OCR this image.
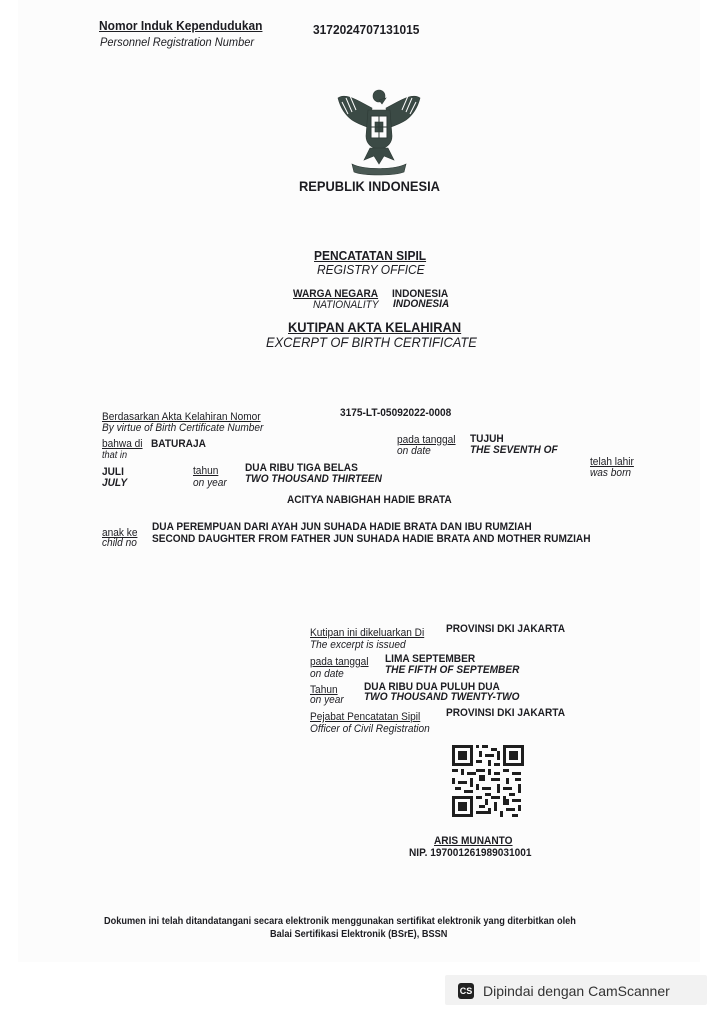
Nomor Induk Kependudukan
Personnel Registration Number
3172024707131015
REPUBLIK INDONESIA
PENCATATAN SIPIL
REGISTRY OFFICE
WARGA NEGARA INDONESIA
NATIONALITY INDONESIA
KUTIPAN AKTA KELAHIRAN
EXCERPT OF BIRTH CERTIFICATE
Berdasarkan Akta Kelahiran Nomor
By virtue of Birth Certificate Number
3175-LT-05092022-0008
bahwa di BATURAJA
that in
pada tanggal
on date
TUJUH
THE SEVENTH OF
JULI
JULY
tahun
on year
DUA RIBU TIGA BELAS
TWO THOUSAND THIRTEEN
telah lahir
was born
ACITYA NABIGHAH HADIE BRATA
anak ke
child no
DUA PEREMPUAN DARI AYAH JUN SUHADA HADIE BRATA DAN IBU RUMZIAH
SECOND DAUGHTER FROM FATHER JUN SUHADA HADIE BRATA AND MOTHER RUMZIAH
Kutipan ini dikeluarkan Di
The excerpt is issued
PROVINSI DKI JAKARTA
pada tanggal
on date
LIMA SEPTEMBER
THE FIFTH OF SEPTEMBER
Tahun
on year
DUA RIBU DUA PULUH DUA
TWO THOUSAND TWENTY-TWO
Pejabat Pencatatan Sipil
Officer of Civil Registration
PROVINSI DKI JAKARTA
ARIS MUNANTO
NIP. 197001261989031001
Dokumen ini telah ditandatangani secara elektronik menggunakan sertifikat elektronik yang diterbitkan oleh
Balai Sertifikasi Elektronik (BSrE), BSSN
CS Dipindai dengan CamScanner
